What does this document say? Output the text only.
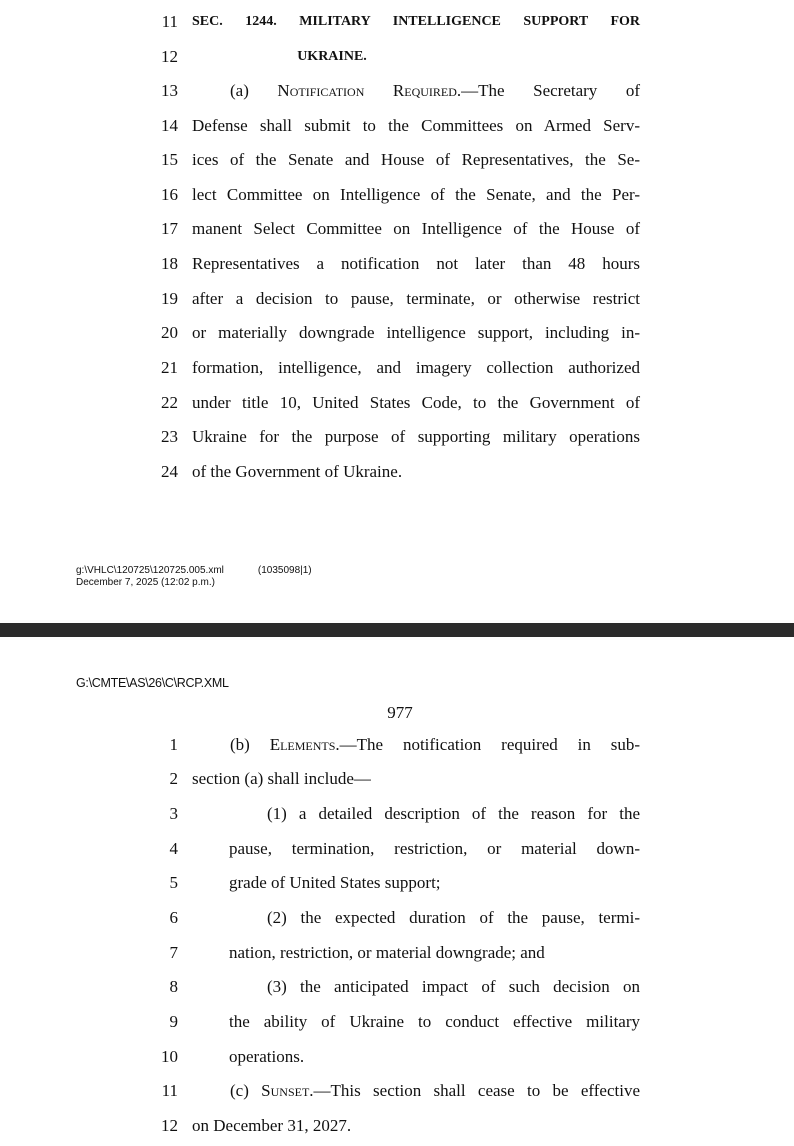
11 SEC. 1244. MILITARY INTELLIGENCE SUPPORT FOR
12	UKRAINE.
13	(a) Notification Required.—The Secretary of
14 Defense shall submit to the Committees on Armed Serv-
15 ices of the Senate and House of Representatives, the Se-
16 lect Committee on Intelligence of the Senate, and the Per-
17 manent Select Committee on Intelligence of the House of
18 Representatives a notification not later than 48 hours
19 after a decision to pause, terminate, or otherwise restrict
20 or materially downgrade intelligence support, including in-
21 formation, intelligence, and imagery collection authorized
22 under title 10, United States Code, to the Government of
23 Ukraine for the purpose of supporting military operations
24 of the Government of Ukraine.
g:\VHLC\120725\120725.005.xml	(1035098|1)
December 7, 2025 (12:02 p.m.)
G:\CMTE\AS\26\C\RCP.XML
977
1	(b) Elements.—The notification required in sub-
2 section (a) shall include—
3	(1) a detailed description of the reason for the
4	pause, termination, restriction, or material down-
5	grade of United States support;
6	(2) the expected duration of the pause, termi-
7	nation, restriction, or material downgrade; and
8	(3) the anticipated impact of such decision on
9	the ability of Ukraine to conduct effective military
10	operations.
11	(c) Sunset.—This section shall cease to be effective
12 on December 31, 2027.
